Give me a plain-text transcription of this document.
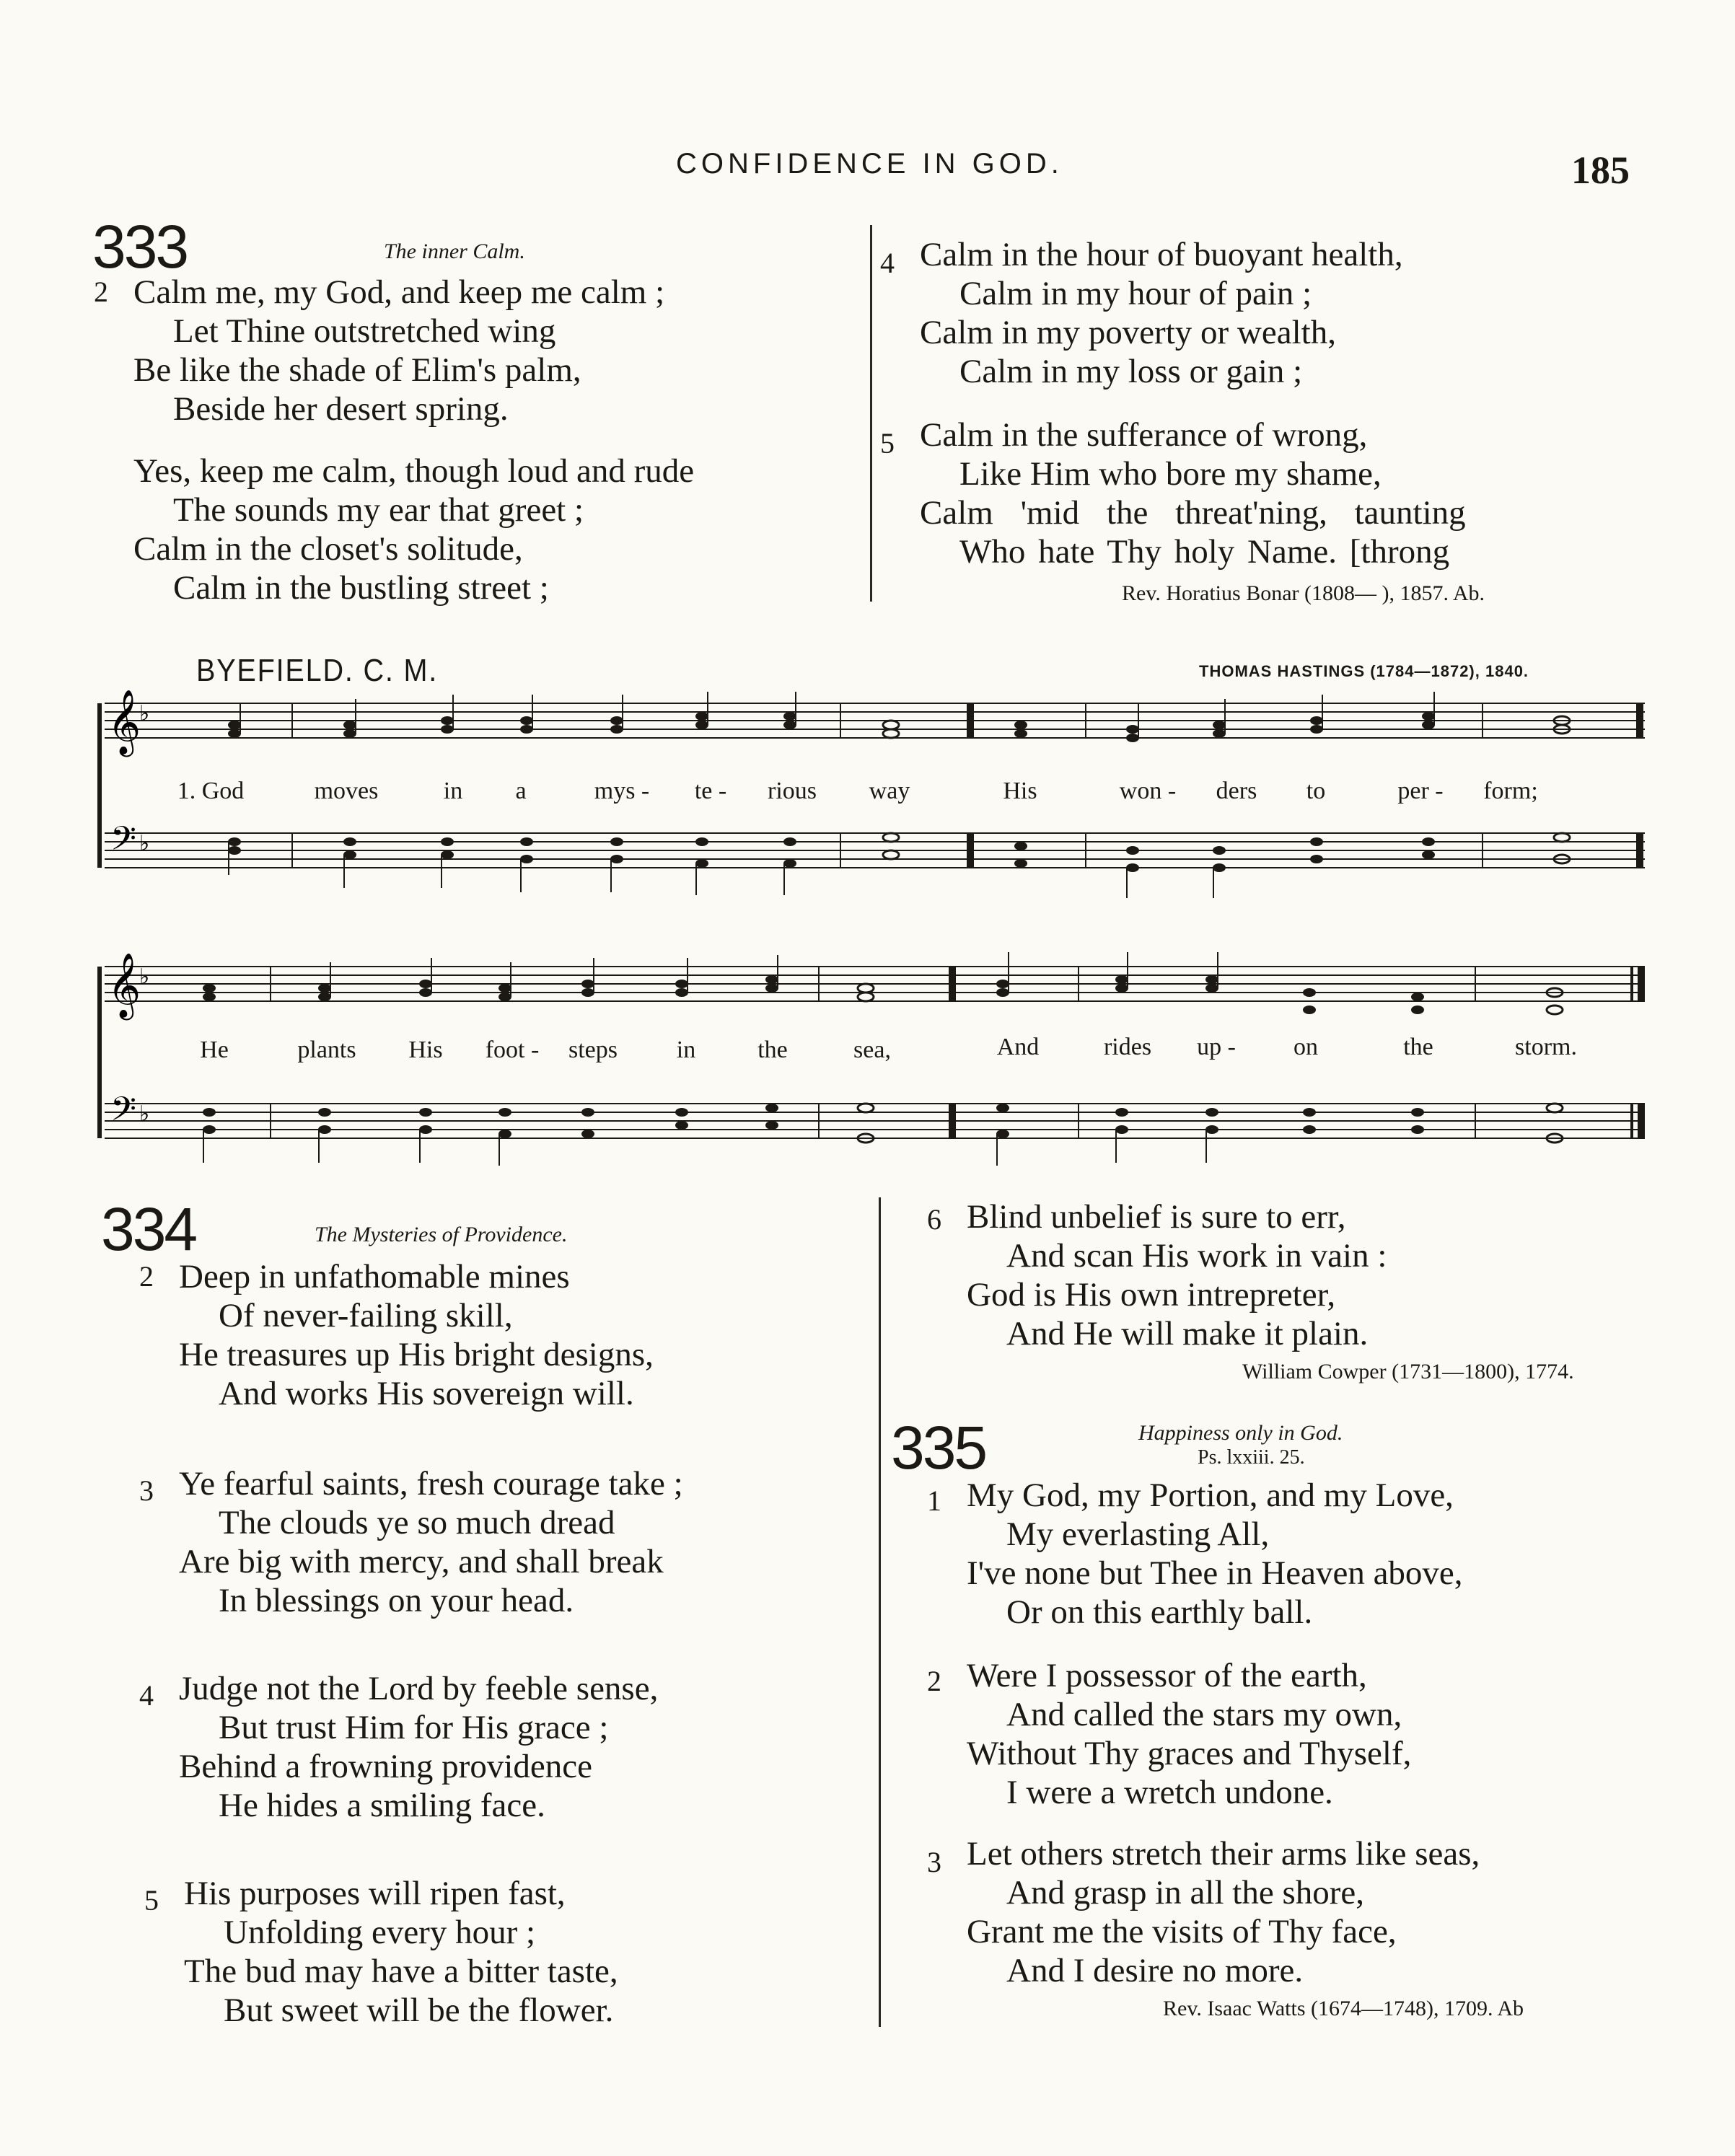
CONFIDENCE IN GOD.	185
333	The inner Calm.
2 Calm me, my God, and keep me calm ;
Let Thine outstretched wing
Be like the shade of Elim's palm,
Beside her desert spring.
Yes, keep me calm, though loud and rude
The sounds my ear that greet ;
Calm in the closet's solitude,
Calm in the bustling street ;
4 Calm in the hour of buoyant health,
Calm in my hour of pain ;
Calm in my poverty or wealth,
Calm in my loss or gain ;
5 Calm in the sufferance of wrong,
Like Him who bore my shame,
Calm 'mid the threat'ning, taunting
Who hate Thy holy Name. [throng
Rev. Horatius Bonar (1808— ), 1857. Ab.
BYEFIELD. C. M.	THOMAS HASTINGS (1784—1872), 1840.
𝄞
𝄢
♭
♭
1. God	moves	in a	mys - te - rious way	His	won - ders to	per - form;
𝄞
𝄢
♭
♭
He	plants His foot - steps in	the	sea,	And	rides up - on	the	storm.
334	The Mysteries of Providence.
2 Deep in unfathomable mines
Of never-failing skill,
He treasures up His bright designs,
And works His sovereign will.
3 Ye fearful saints, fresh courage take ;
The clouds ye so much dread
Are big with mercy, and shall break
In blessings on your head.
4 Judge not the Lord by feeble sense,
But trust Him for His grace ;
Behind a frowning providence
He hides a smiling face.
5 His purposes will ripen fast,
Unfolding every hour ;
The bud may have a bitter taste,
But sweet will be the flower.
6 Blind unbelief is sure to err,
And scan His work in vain :
God is His own intrepreter,
And He will make it plain.
William Cowper (1731—1800), 1774.
335	Happiness only in God.
Ps. lxxiii. 25.
1 My God, my Portion, and my Love,
My everlasting All,
I've none but Thee in Heaven above,
Or on this earthly ball.
2 Were I possessor of the earth,
And called the stars my own,
Without Thy graces and Thyself,
I were a wretch undone.
3 Let others stretch their arms like seas,
And grasp in all the shore,
Grant me the visits of Thy face,
And I desire no more.
Rev. Isaac Watts (1674—1748), 1709. Ab
